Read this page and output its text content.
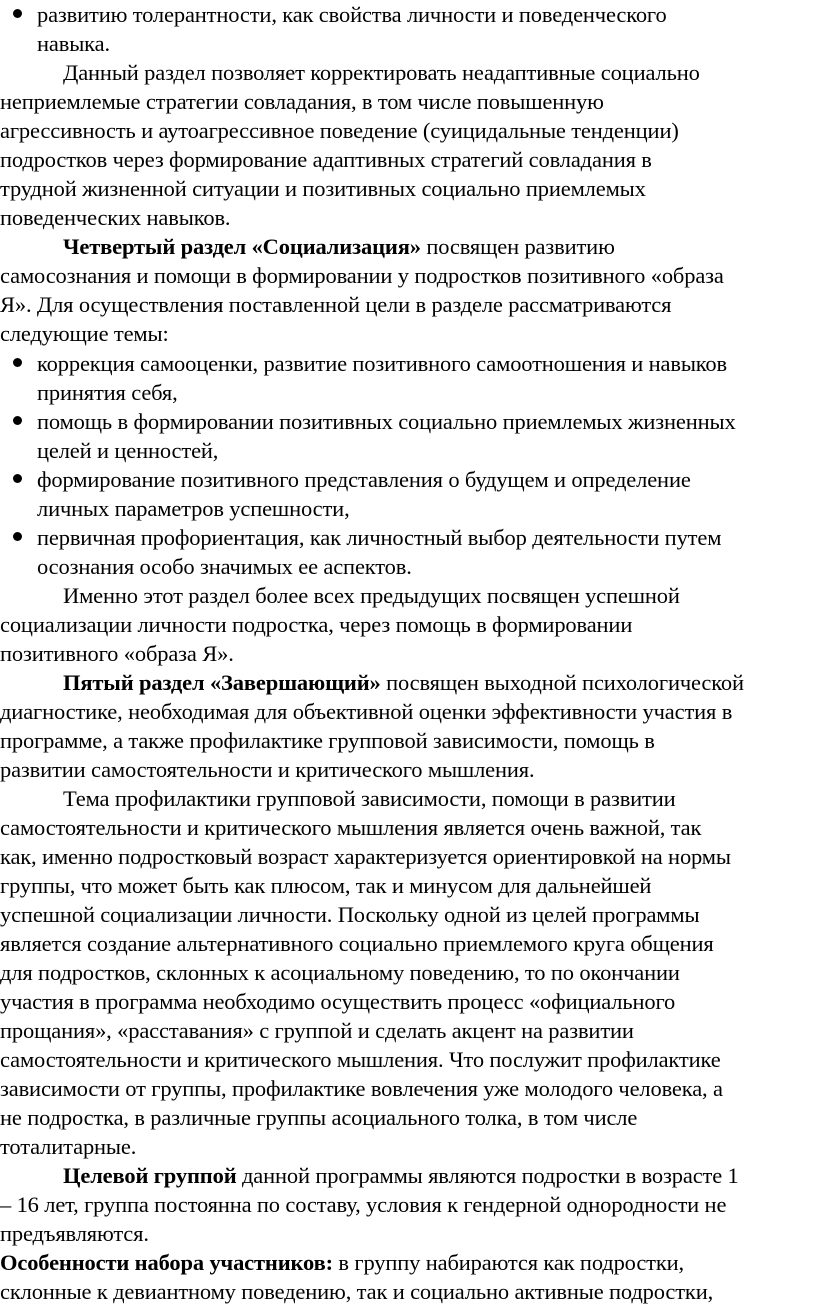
развитию толерантности, как свойства личности и поведенческого
навыка.
Данный раздел позволяет корректировать неадаптивные социально
неприемлемые стратегии совладания, в том числе повышенную
агрессивность и аутоагрессивное поведение (суицидальные тенденции)
подростков через формирование адаптивных стратегий совладания в
трудной жизненной ситуации и позитивных социально приемлемых
поведенческих навыков.
Четвертый раздел «Социализация» посвящен развитию
самосознания и помощи в формировании у подростков позитивного «образа
Я». Для осуществления поставленной цели в разделе рассматриваются
следующие темы:
коррекция самооценки, развитие позитивного самоотношения и навыков
принятия себя,
помощь в формировании позитивных социально приемлемых жизненных
целей и ценностей,
формирование позитивного представления о будущем и определение
личных параметров успешности,
первичная профориентация, как личностный выбор деятельности путем
осознания особо значимых ее аспектов.
Именно этот раздел более всех предыдущих посвящен успешной
социализации личности подростка, через помощь в формировании
позитивного «образа Я».
Пятый раздел «Завершающий» посвящен выходной психологической
диагностике, необходимая для объективной оценки эффективности участия в
программе, а также профилактике групповой зависимости, помощь в
развитии самостоятельности и критического мышления.
Тема профилактики групповой зависимости, помощи в развитии
самостоятельности и критического мышления является очень важной, так
как, именно подростковый возраст характеризуется ориентировкой на нормы
группы, что может быть как плюсом, так и минусом для дальнейшей
успешной социализации личности. Поскольку одной из целей программы
является создание альтернативного социально приемлемого круга общения
для подростков, склонных к асоциальному поведению, то по окончании
участия в программа необходимо осуществить процесс «официального
прощания», «расставания» с группой и сделать акцент на развитии
самостоятельности и критического мышления. Что послужит профилактике
зависимости от группы, профилактике вовлечения уже молодого человека, а
не подростка, в различные группы асоциального толка, в том числе
тоталитарные.
Целевой группой данной программы являются подростки в возрасте 1
– 16 лет, группа постоянна по составу, условия к гендерной однородности не
предъявляются.
Особенности набора участников: в группу набираются как подростки,
склонные к девиантному поведению, так и социально активные подростки,
